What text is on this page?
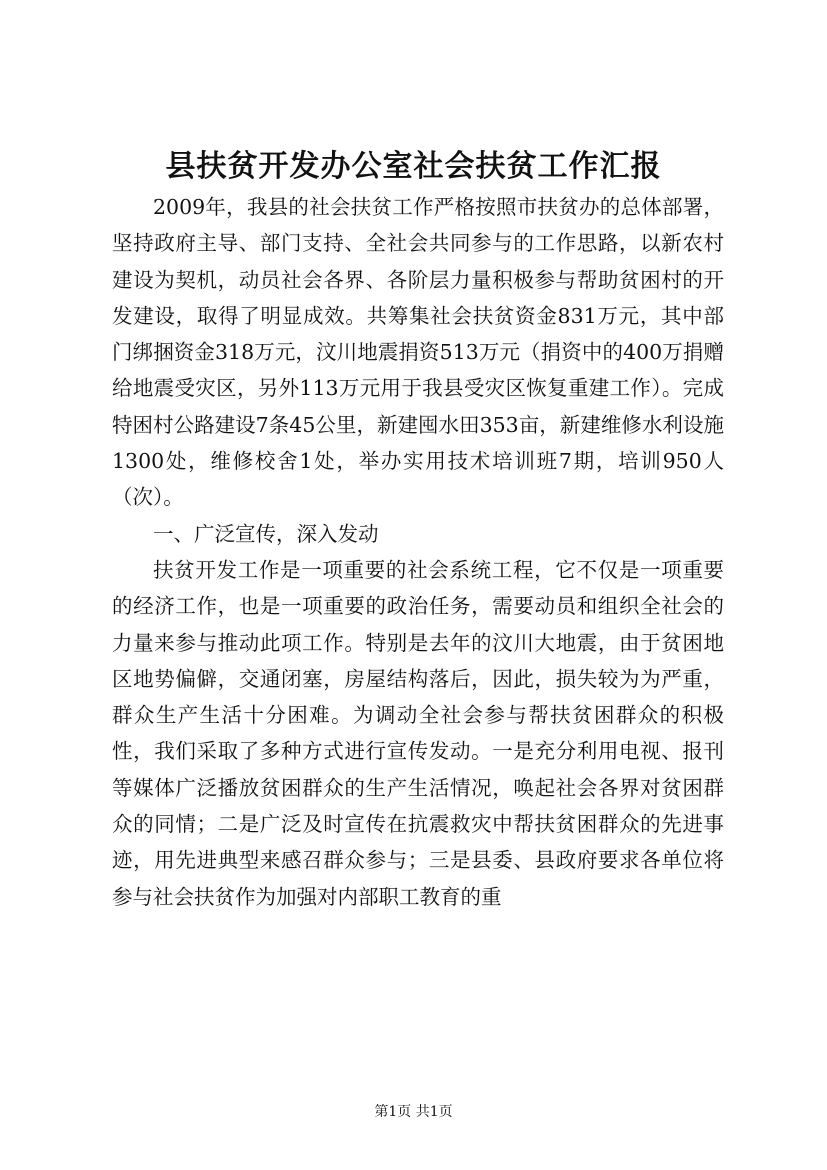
县扶贫开发办公室社会扶贫工作汇报

2009年，我县的社会扶贫工作严格按照市扶贫办的总体部署，坚持政府主导、部门支持、全社会共同参与的工作思路，以新农村建设为契机，动员社会各界、各阶层力量积极参与帮助贫困村的开发建设，取得了明显成效。共筹集社会扶贫资金831万元，其中部门绑捆资金318万元，汶川地震捐资513万元（捐资中的400万捐赠给地震受灾区，另外113万元用于我县受灾区恢复重建工作）。完成特困村公路建设7条45公里，新建囤水田353亩，新建维修水利设施1300处，维修校舍1处，举办实用技术培训班7期，培训950人（次）。

一、广泛宣传，深入发动

扶贫开发工作是一项重要的社会系统工程，它不仅是一项重要的经济工作，也是一项重要的政治任务，需要动员和组织全社会的力量来参与推动此项工作。特别是去年的汶川大地震，由于贫困地区地势偏僻，交通闭塞，房屋结构落后，因此，损失较为为严重，群众生产生活十分困难。为调动全社会参与帮扶贫困群众的积极性，我们采取了多种方式进行宣传发动。一是充分利用电视、报刊等媒体广泛播放贫困群众的生产生活情况，唤起社会各界对贫困群众的同情；二是广泛及时宣传在抗震救灾中帮扶贫困群众的先进事迹，用先进典型来感召群众参与；三是县委、县政府要求各单位将参与社会扶贫作为加强对内部职工教育的重

第1页 共1页
